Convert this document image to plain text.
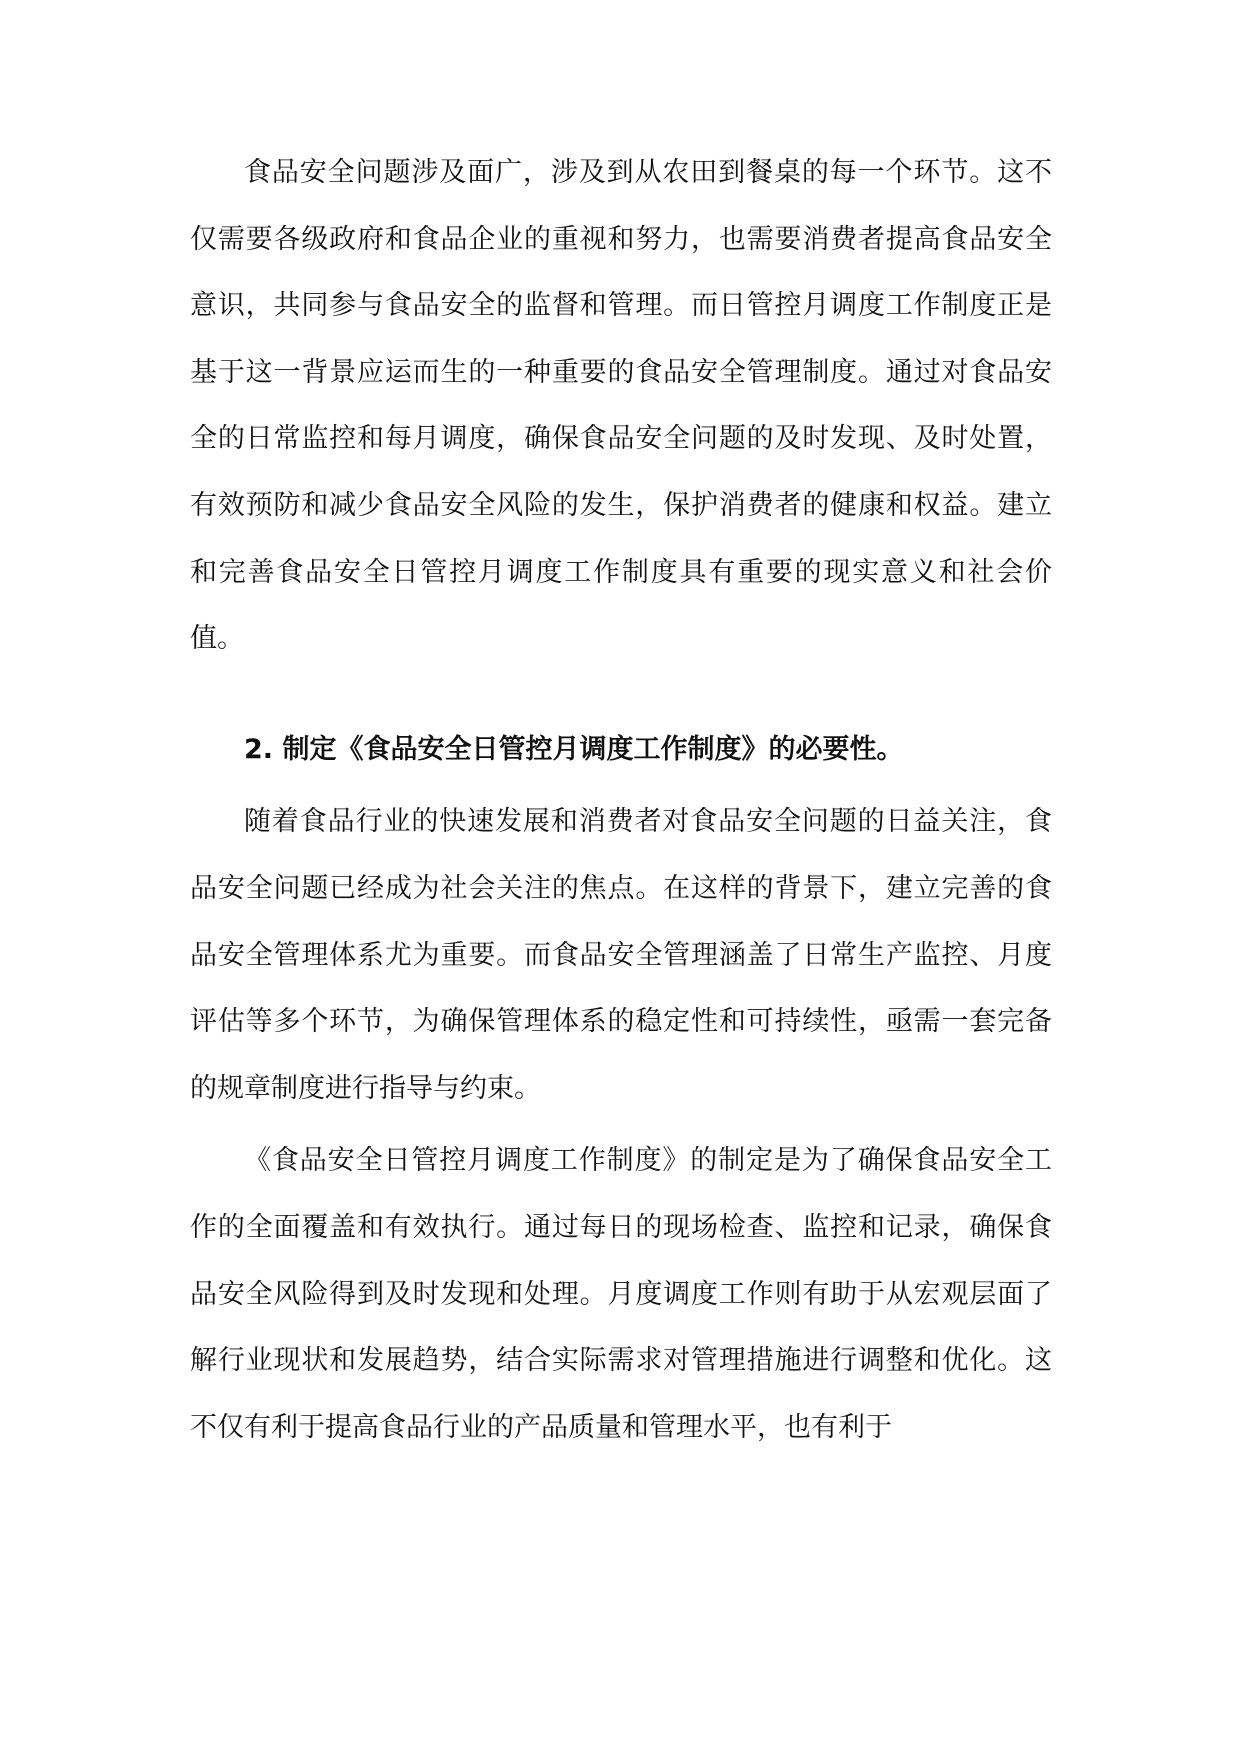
食品安全问题涉及面广，涉及到从农田到餐桌的每一个环节。这不仅需要各级政府和食品企业的重视和努力，也需要消费者提高食品安全意识，共同参与食品安全的监督和管理。而日管控月调度工作制度正是基于这一背景应运而生的一种重要的食品安全管理制度。通过对食品安全的日常监控和每月调度，确保食品安全问题的及时发现、及时处置，有效预防和减少食品安全风险的发生，保护消费者的健康和权益。建立和完善食品安全日管控月调度工作制度具有重要的现实意义和社会价值。

2. 制定《食品安全日管控月调度工作制度》的必要性。

随着食品行业的快速发展和消费者对食品安全问题的日益关注，食品安全问题已经成为社会关注的焦点。在这样的背景下，建立完善的食品安全管理体系尤为重要。而食品安全管理涵盖了日常生产监控、月度评估等多个环节，为确保管理体系的稳定性和可持续性，亟需一套完备的规章制度进行指导与约束。

《食品安全日管控月调度工作制度》的制定是为了确保食品安全工作的全面覆盖和有效执行。通过每日的现场检查、监控和记录，确保食品安全风险得到及时发现和处理。月度调度工作则有助于从宏观层面了解行业现状和发展趋势，结合实际需求对管理措施进行调整和优化。这不仅有利于提高食品行业的产品质量和管理水平，也有利于
